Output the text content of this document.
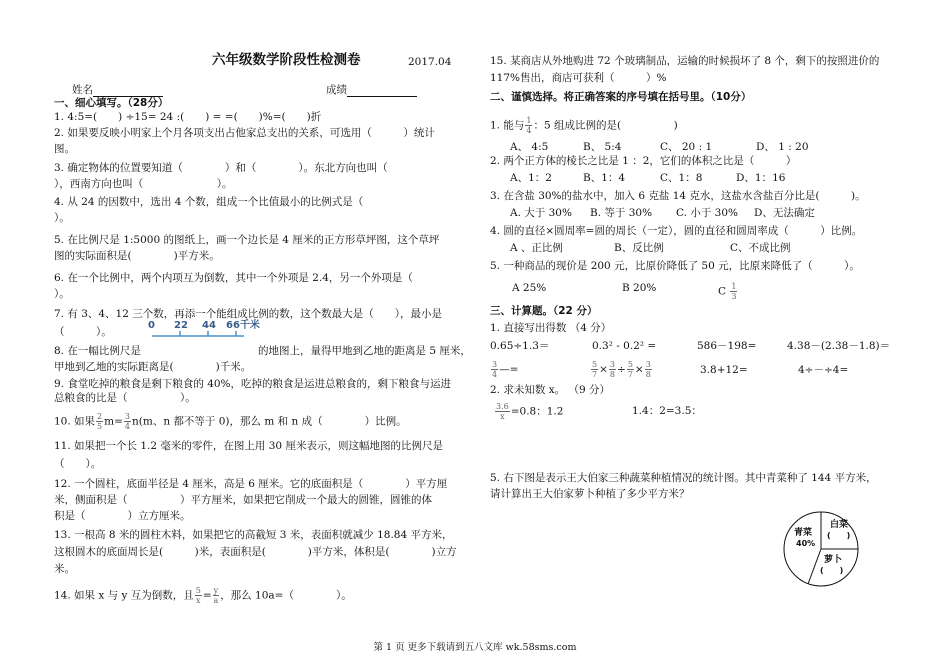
六年级数学阶段性检测卷	2017.04
姓名	成绩
一、细心填写。（28分）
1. 4:5=(　　) ÷15= 24 :(　　) = =(　　)%=(　　)折
2. 如果要反映小明家上个月各项支出占他家总支出的关系，可选用（　　　）统计
图。
3. 确定物体的位置要知道（　　　　）和（　　　　）。东北方向也叫（
），西南方向也叫（　　　　　　　）。
4. 从 24 的因数中，选出 4 个数，组成一个比值最小的比例式是（
）。
5. 在比例尺是 1:5000 的图纸上，画一个边长是 4 厘米的正方形草坪图，这个草坪
图的实际面积是(　　　　)平方米。
6. 在一个比例中，两个内项互为倒数，其中一个外项是 2.4，另一个外项是（
）。
7. 有 3、4、12 三个数，再添一个能组成比例的数，这个数最大是（　　），最小是
（　　　）。
0 22 44 66千米
8. 在一幅比例尺是	的地图上，量得甲地到乙地的距离是 5 厘米，
甲地到乙地的实际距离是(　　　　)千米。
9. 食堂吃掉的粮食是剩下粮食的 40%，吃掉的粮食是运进总粮食的，剩下粮食与运进
总粮食的比是（　　　　　）。
10. 如果 $\frac{2}{5} m= \frac{3}{4} n(m$、n 都不等于 0)，那么 m 和 n 成（　　　　）比例。
11. 如果把一个长 1.2 毫米的零件，在图上用 30 厘米表示，则这幅地图的比例尺是
（　　）。
12. 一个圆柱，底面半径是 4 厘米，高是 6 厘米。它的底面积是（　　　　）平方厘
米，侧面积是（　　　　　）平方厘米，如果把它削成一个最大的圆锥，圆锥的体
积是（　　　　）立方厘米。
13. 一根高 8 米的圆柱木料，如果把它的高截短 3 米，表面积就减少 18.84 平方米，
这根圆木的底面周长是(　　　)米，表面积是(　　　　)平方米，体积是(　　　　)立方
米。
14. 如果 x 与 y 互为倒数，且 $\frac{5}{x} = \frac{y}{a}$ ，那么 10a=（　　　　）。
15. 某商店从外地购进 72 个玻璃制品，运输的时候损坏了 8 个，剩下的按照进价的
117%售出，商店可获利（　　　）%
二、谨慎选择。将正确答案的序号填在括号里。（10分）
1. 能与 $\frac{1}{4}$ ：5 组成比例的是(　　　　　)
A、 4:5	B、 5:4	C、 20 : 1	D、 1 : 20
2. 两个正方体的棱长之比是 1 ：2，它们的体积之比是（　　　）
A、1：2	B、1：4	C、1：8	D、1：16
3. 在含盐 30%的盐水中，加入 6 克盐 14 克水，这盐水含盐百分比是(　　　)。
A. 大于 30% B. 等于 30% C. 小于 30% D、无法确定
4. 圆的直径×圆周率=圆的周长（一定），圆的直径和圆周率成（　　　）比例。
A 、正比例	B、反比例	C、不成比例
5. 一种商品的现价是 200 元，比原价降低了 50 元，比原来降低了（　　　）。
A 25%	B 20%	C $\frac{1}{3}$
三、计算题。（22 分）
1. 直接写出得数 （4 分）
0.65÷1.3＝	0.3² - 0.2² =	586－198=	4.38－(2.38－1.8)＝
$\frac{3}{4}$ —=	$\frac{5}{7} \times \frac{3}{8} \div \frac{5}{7} \times \frac{3}{8}$	3.8+12=	4÷－÷4=
2. 求未知数 x。 （9 分）
$\frac{3.6}{x} =0.8$：1.2	1.4：2=3.5：
5. 右下图是表示王大伯家三种蔬菜种植情况的统计图。其中青菜种了 144 平方米，
请计算出王大伯家萝卜种植了多少平方米？
青菜
40%
白菜
(　　)
萝卜
(　　)
第 1 页 更多下载请到五八文库 wk.58sms.com
